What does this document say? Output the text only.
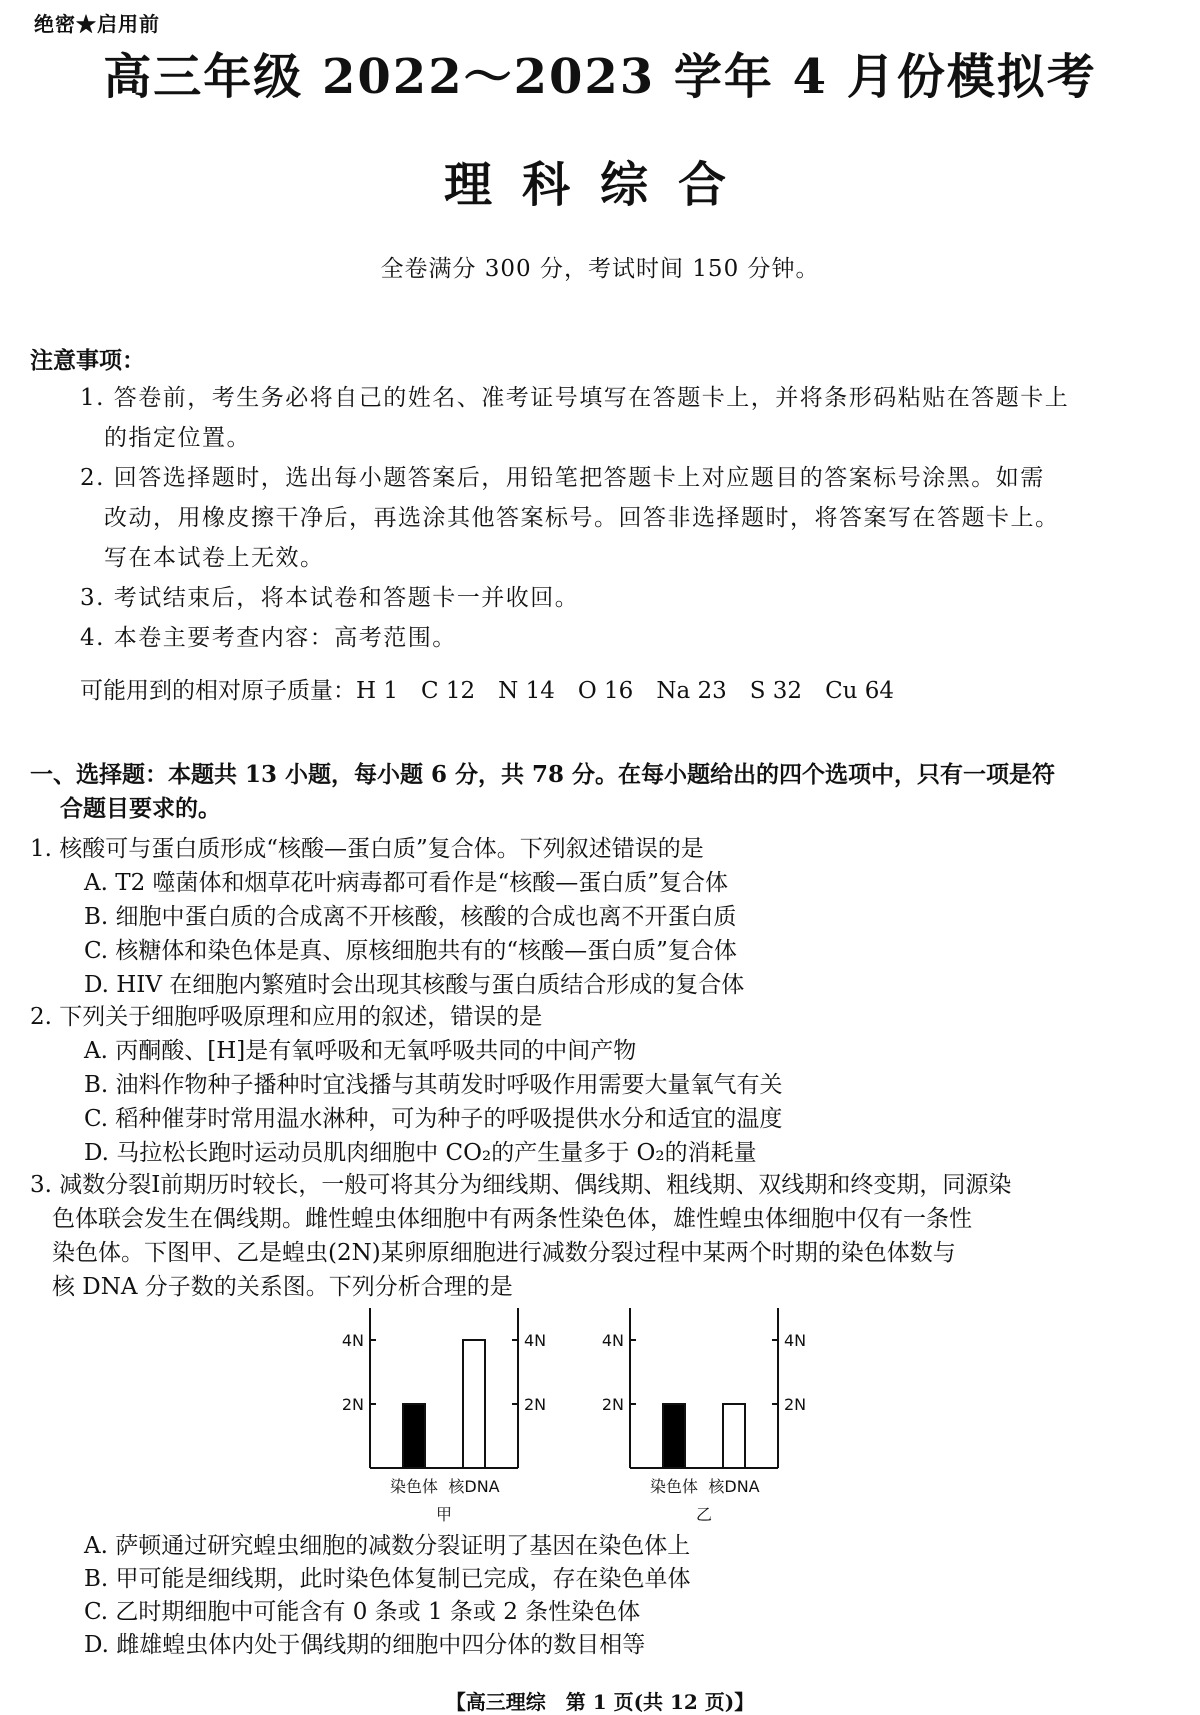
绝密★启用前
高三年级 2022～2023 学年 4 月份模拟考
理科综合
全卷满分 300 分，考试时间 150 分钟。
注意事项：
1. 答卷前，考生务必将自己的姓名、准考证号填写在答题卡上，并将条形码粘贴在答题卡上
的指定位置。
2. 回答选择题时，选出每小题答案后，用铅笔把答题卡上对应题目的答案标号涂黑。如需
改动，用橡皮擦干净后，再选涂其他答案标号。回答非选择题时，将答案写在答题卡上。
写在本试卷上无效。
3. 考试结束后，将本试卷和答题卡一并收回。
4. 本卷主要考查内容：高考范围。
可能用到的相对原子质量：H 1　C 12　N 14　O 16　Na 23　S 32　Cu 64
一、选择题：本题共 13 小题，每小题 6 分，共 78 分。在每小题给出的四个选项中，只有一项是符
合题目要求的。
1. 核酸可与蛋白质形成“核酸—蛋白质”复合体。下列叙述错误的是
A. T2 噬菌体和烟草花叶病毒都可看作是“核酸—蛋白质”复合体
B. 细胞中蛋白质的合成离不开核酸，核酸的合成也离不开蛋白质
C. 核糖体和染色体是真、原核细胞共有的“核酸—蛋白质”复合体
D. HIV 在细胞内繁殖时会出现其核酸与蛋白质结合形成的复合体
2. 下列关于细胞呼吸原理和应用的叙述，错误的是
A. 丙酮酸、[H]是有氧呼吸和无氧呼吸共同的中间产物
B. 油料作物种子播种时宜浅播与其萌发时呼吸作用需要大量氧气有关
C. 稻种催芽时常用温水淋种，可为种子的呼吸提供水分和适宜的温度
D. 马拉松长跑时运动员肌肉细胞中 CO₂的产生量多于 O₂的消耗量
3. 减数分裂Ⅰ前期历时较长，一般可将其分为细线期、偶线期、粗线期、双线期和终变期，同源染
色体联会发生在偶线期。雌性蝗虫体细胞中有两条性染色体，雄性蝗虫体细胞中仅有一条性
染色体。下图甲、乙是蝗虫(2N)某卵原细胞进行减数分裂过程中某两个时期的染色体数与
核 DNA 分子数的关系图。下列分析合理的是
2N	2N
4N	4N
染色体 核DNA
甲
2N	2N
4N	4N
染色体 核DNA
乙
A. 萨顿通过研究蝗虫细胞的减数分裂证明了基因在染色体上
B. 甲可能是细线期，此时染色体复制已完成，存在染色单体
C. 乙时期细胞中可能含有 0 条或 1 条或 2 条性染色体
D. 雌雄蝗虫体内处于偶线期的细胞中四分体的数目相等
【高三理综　第 1 页(共 12 页)】
